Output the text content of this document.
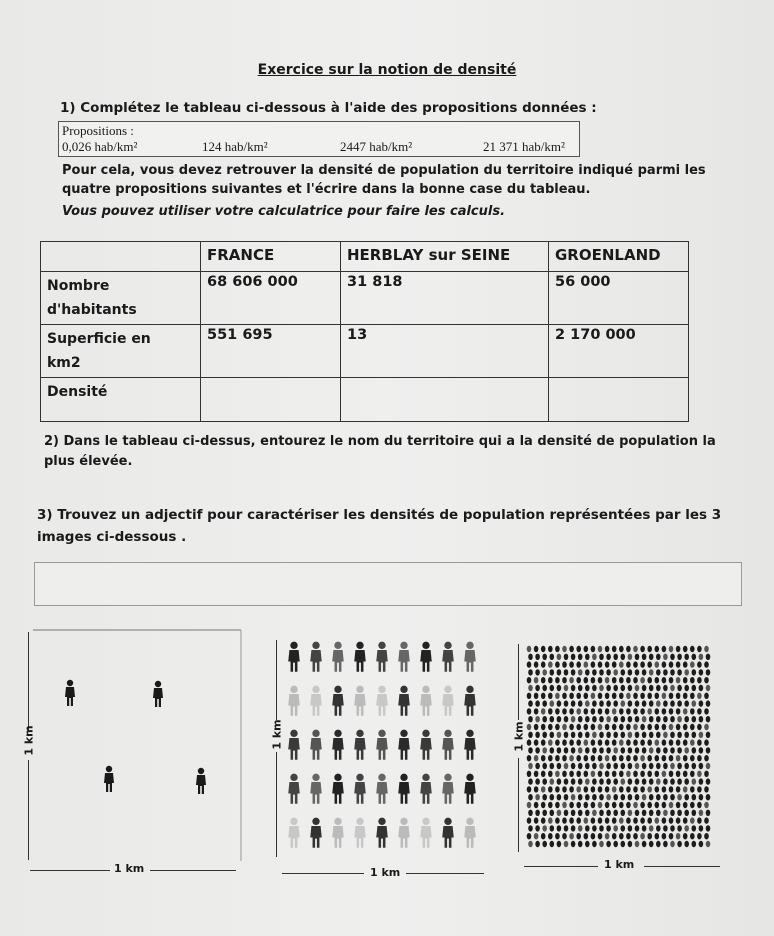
Exercice sur la notion de densité
1) Complétez le tableau ci-dessous à l'aide des propositions données :
Propositions :
0,026 hab/km²	124 hab/km²	2447 hab/km²	21 371 hab/km²
Pour cela, vous devez retrouver la densité de population du territoire indiqué parmi les
quatre propositions suivantes et l'écrire dans la bonne case du tableau.
Vous pouvez utiliser votre calculatrice pour faire les calculs.
	FRANCE	HERBLAY sur SEINE	GROENLAND

Nombre
d'habitants	68 606 000	31 818	56 000

Superficie en
km2	551 695	13	2 170 000

Densité			

2) Dans le tableau ci-dessus, entourez le nom du territoire qui a la densité de population la plus élevée.
3) Trouvez un adjectif pour caractériser les densités de population représentées par les 3 images ci-dessous .
1 km
1 km
1 km
1 km
1 km
1 km
